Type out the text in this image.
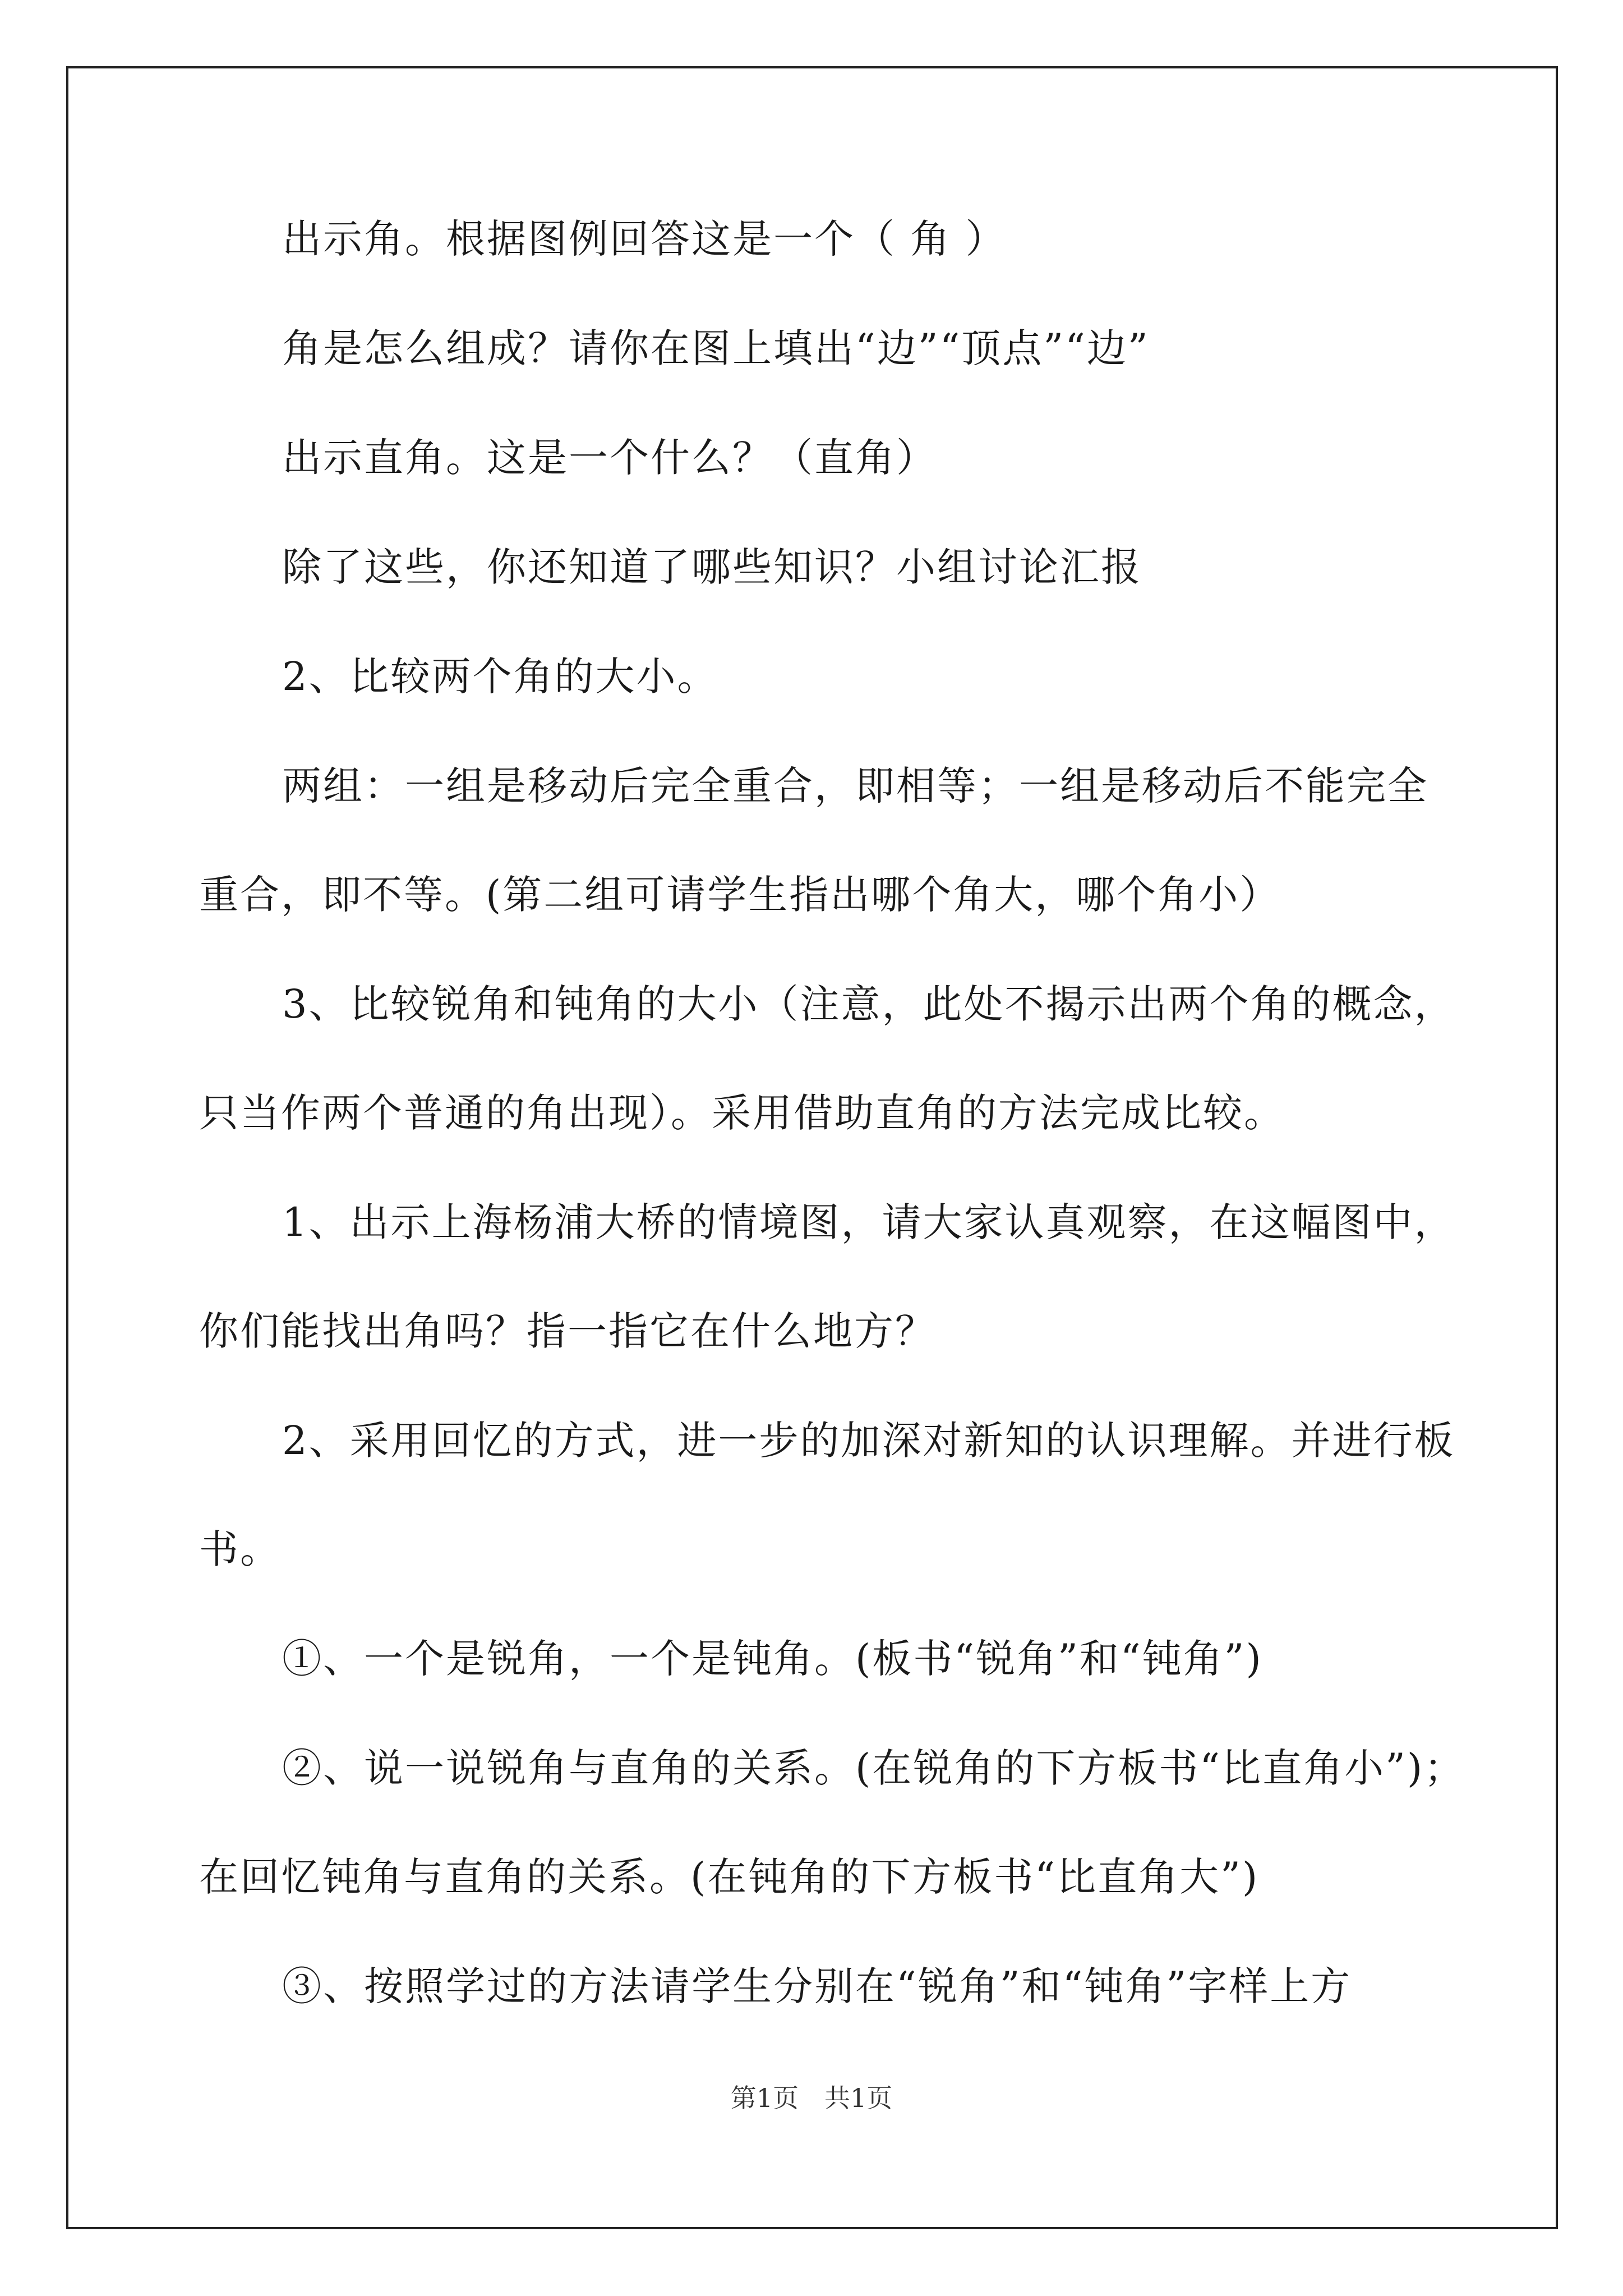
出示角。根据图例回答这是一个（ 角 ）
角是怎么组成？请你在图上填出“边”“顶点”“边”
出示直角。这是一个什么？（直角）
除了这些，你还知道了哪些知识？小组讨论汇报
2、比较两个角的大小。
两组：一组是移动后完全重合，即相等；一组是移动后不能完全
重合，即不等。(第二组可请学生指出哪个角大，哪个角小）
3、比较锐角和钝角的大小（注意，此处不揭示出两个角的概念，
只当作两个普通的角出现）。采用借助直角的方法完成比较。
1、出示上海杨浦大桥的情境图，请大家认真观察，在这幅图中，
你们能找出角吗？指一指它在什么地方？
2、采用回忆的方式，进一步的加深对新知的认识理解。并进行板
书。
①、一个是锐角，一个是钝角。(板书“锐角”和“钝角”)
②、说一说锐角与直角的关系。(在锐角的下方板书“比直角小”)；
在回忆钝角与直角的关系。(在钝角的下方板书“比直角大”)
③、按照学过的方法请学生分别在“锐角”和“钝角”字样上方
第1页　共1页
